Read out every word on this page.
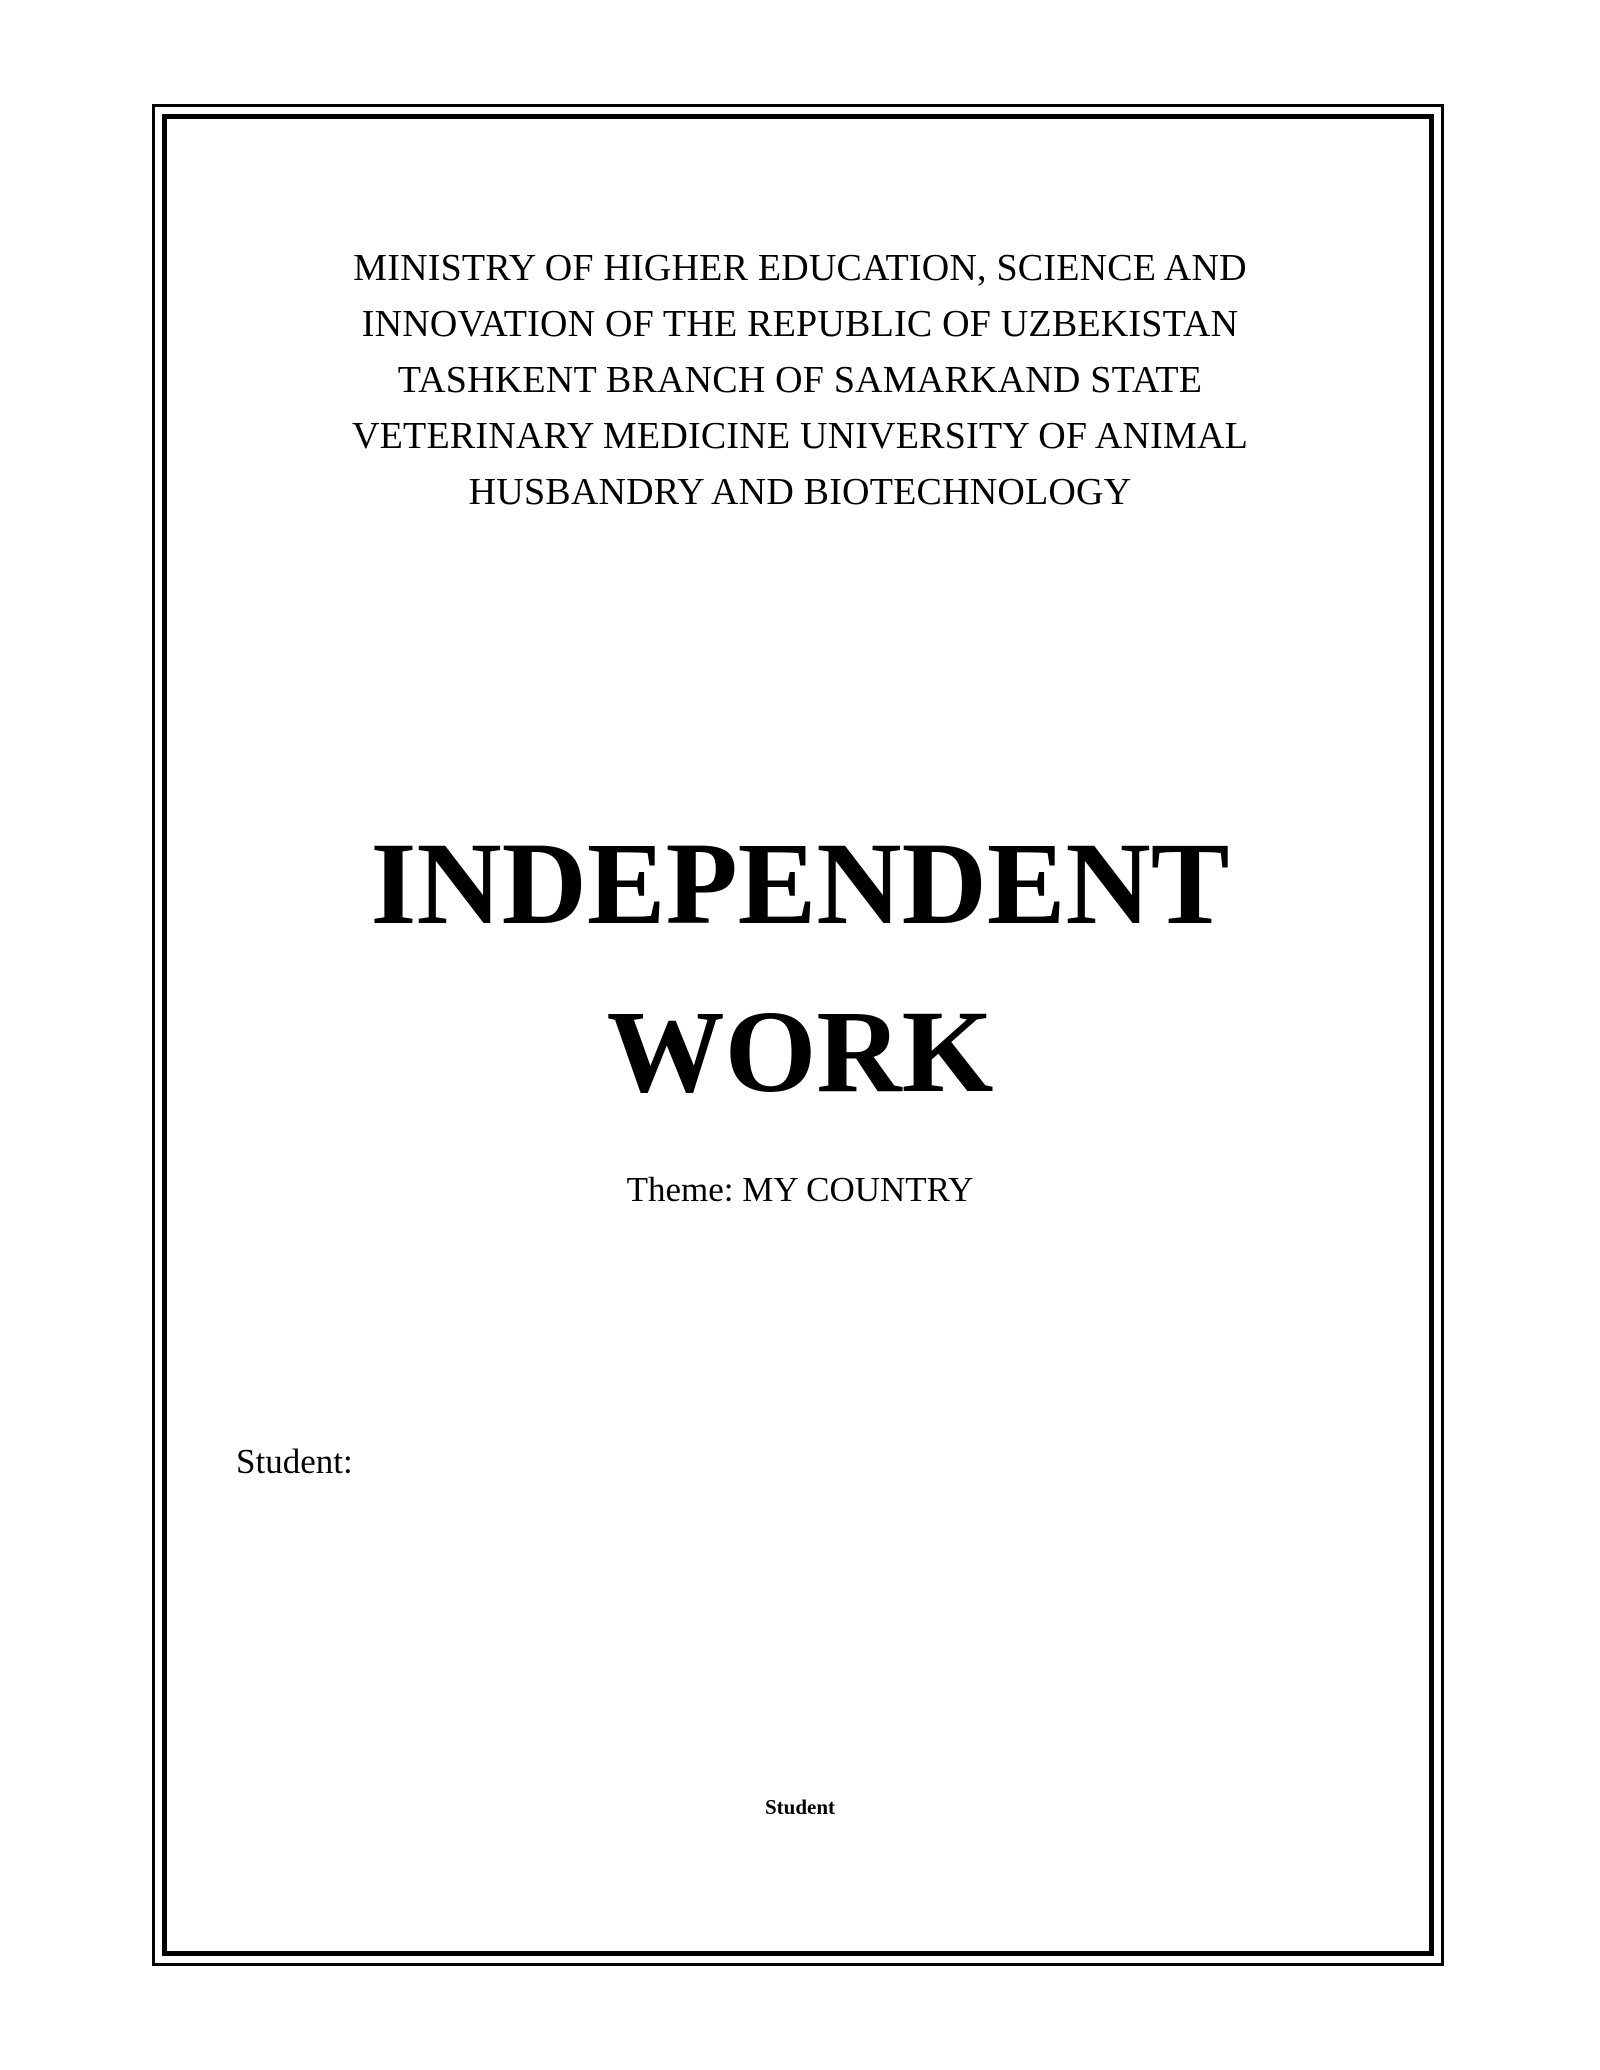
MINISTRY OF HIGHER EDUCATION, SCIENCE AND
INNOVATION OF THE REPUBLIC OF UZBEKISTAN
TASHKENT BRANCH OF SAMARKAND STATE
VETERINARY MEDICINE UNIVERSITY OF ANIMAL
HUSBANDRY AND BIOTECHNOLOGY
INDEPENDENT
WORK
Theme: MY COUNTRY
Student:
Student
